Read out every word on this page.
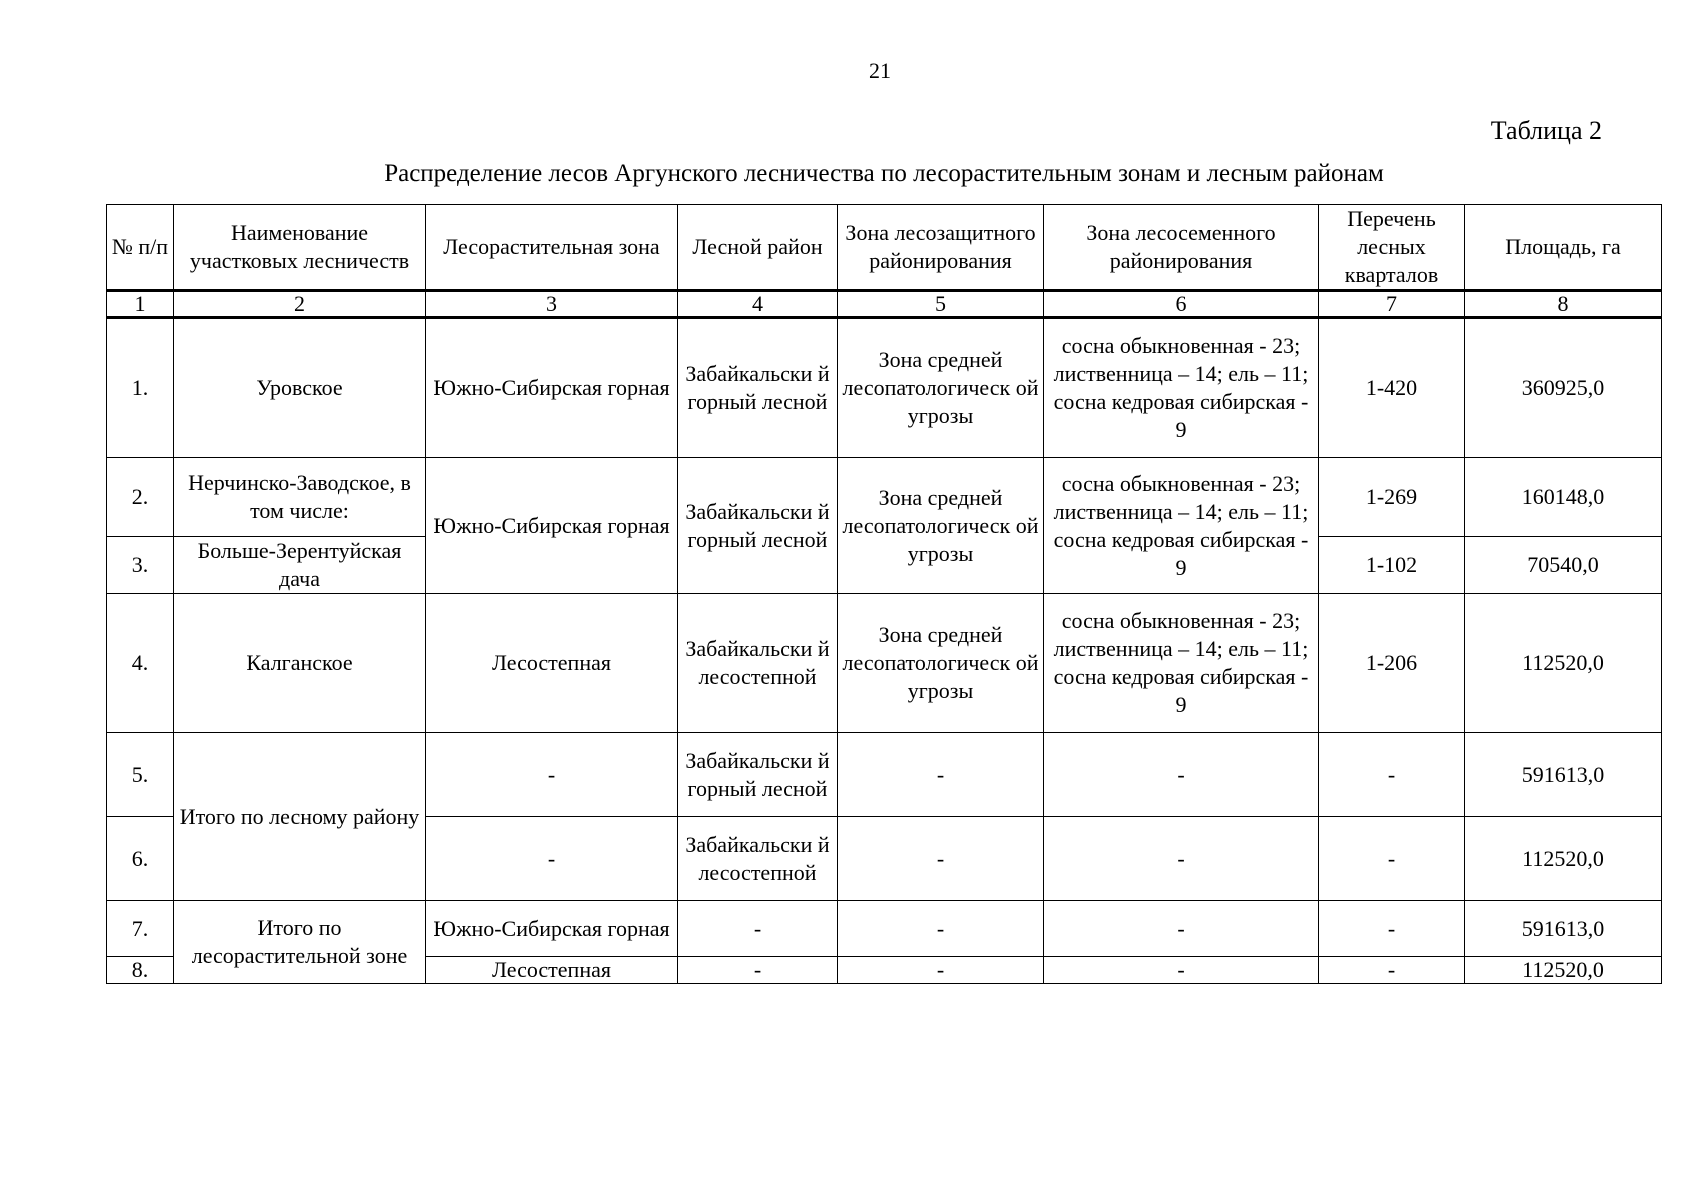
21
Таблица 2
Распределение лесов Аргунского лесничества по лесорастительным зонам и лесным районам
№ п/п	Наименование участковых лесничеств	Лесорастительная зона	Лесной район	Зона лесозащитного районирования	Зона лесосеменного районирования	Перечень лесных кварталов	Площадь, га
1	2	3	4	5	6	7	8
1.	Уровское	Южно-Сибирская горная	Забайкальски й горный лесной	Зона средней лесопатологическ ой угрозы	сосна обыкновенная - 23; лиственница – 14; ель – 11; сосна кедровая сибирская - 9	1-420	360925,0
2.	Нерчинско-Заводское, в том числе:	Южно-Сибирская горная	Забайкальски й горный лесной	Зона средней лесопатологическ ой угрозы	сосна обыкновенная - 23; лиственница – 14; ель – 11; сосна кедровая сибирская - 9	1-269	160148,0
3.	Больше-Зерентуйская дача					1-102	70540,0
4.	Калганское	Лесостепная	Забайкальски й лесостепной	Зона средней лесопатологическ ой угрозы	сосна обыкновенная - 23; лиственница – 14; ель – 11; сосна кедровая сибирская - 9	1-206	112520,0
5.	Итого по лесному району	-	Забайкальски й горный лесной	-	-	-	591613,0
6.		-	Забайкальски й лесостепной	-	-	-	112520,0
7.	Итого по лесорастительной зоне	Южно-Сибирская горная	-	-	-	-	591613,0
8.		Лесостепная	-	-	-	-	112520,0
